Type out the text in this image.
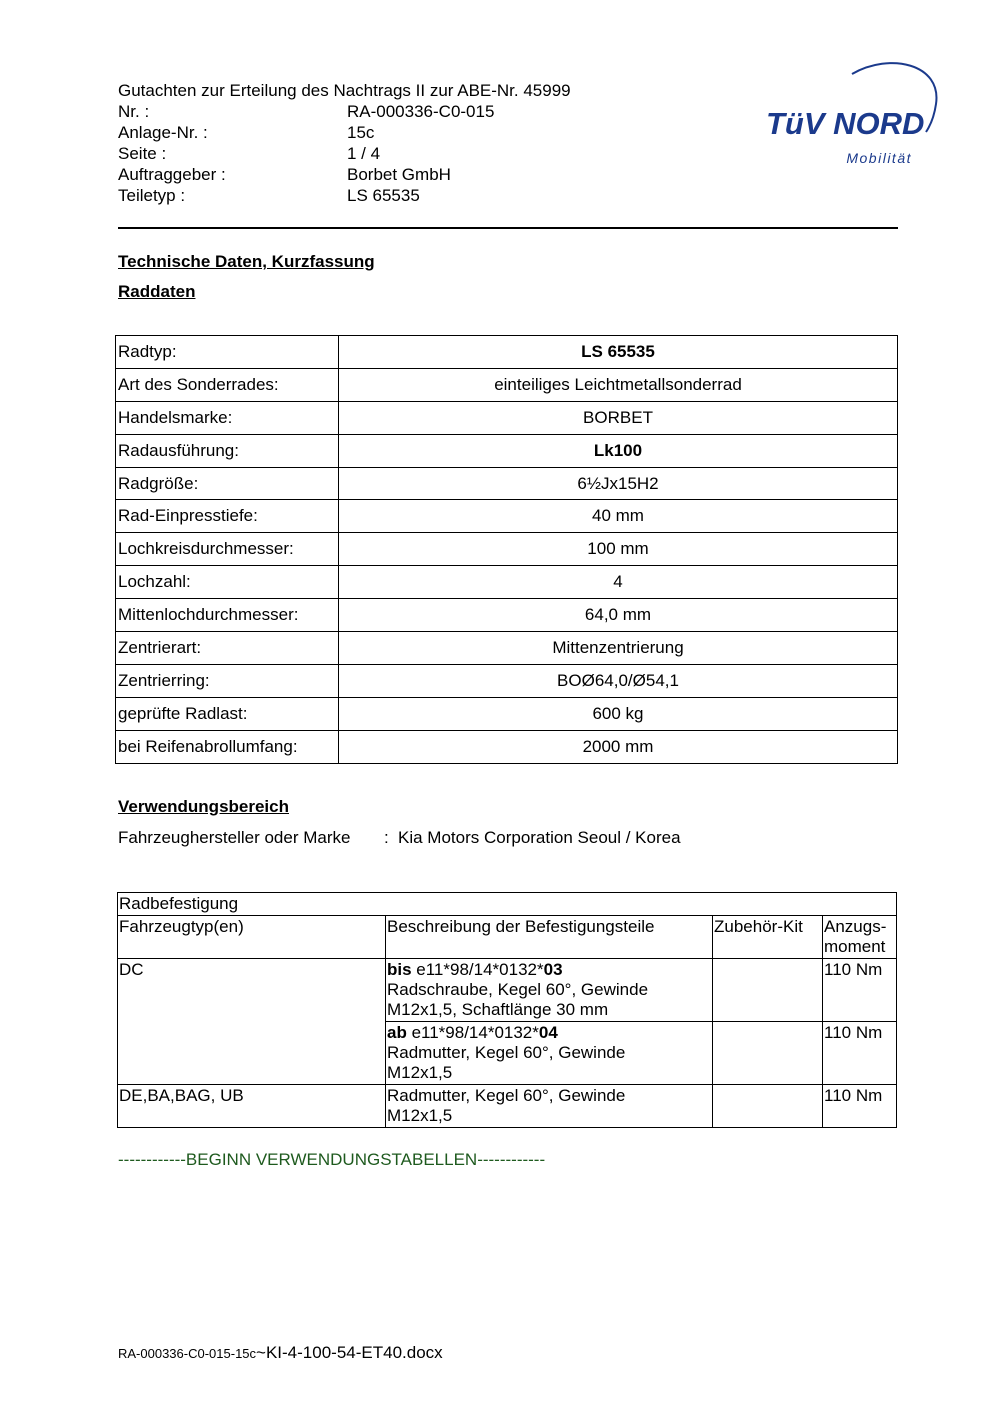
Gutachten zur Erteilung des Nachtrags II zur ABE-Nr. 45999
Nr. :	RA-000336-C0-015
Anlage-Nr. :	15c
Seite :	1 / 4
Auftraggeber :	Borbet GmbH
Teiletyp :	LS 65535
TüV NORD
Mobilität
Technische Daten, Kurzfassung
Raddaten
Radtyp:	LS 65535
Art des Sonderrades:	einteiliges Leichtmetallsonderrad
Handelsmarke:	BORBET
Radausführung:	Lk100
Radgröße:	6½Jx15H2
Rad-Einpresstiefe:	40 mm
Lochkreisdurchmesser:	100 mm
Lochzahl:	4
Mittenlochdurchmesser:	64,0 mm
Zentrierart:	Mittenzentrierung
Zentrierring:	BOØ64,0/Ø54,1
geprüfte Radlast:	600 kg
bei Reifenabrollumfang:	2000 mm
Verwendungsbereich
Fahrzeughersteller oder Marke	: Kia Motors Corporation Seoul / Korea
Radbefestigung			
Fahrzeugtyp(en)	Beschreibung der Befestigungsteile	Zubehör-Kit	Anzugs-
moment
DC	bis e11*98/14*0132*03
Radschraube, Kegel 60°, Gewinde
M12x1,5, Schaftlänge 30 mm		110 Nm
	ab e11*98/14*0132*04
Radmutter, Kegel 60°, Gewinde
M12x1,5		110 Nm
DE,BA,BAG, UB	Radmutter, Kegel 60°, Gewinde
M12x1,5		110 Nm
------------BEGINN VERWENDUNGSTABELLEN------------
RA-000336-C0-015-15c~KI-4-100-54-ET40.docx
